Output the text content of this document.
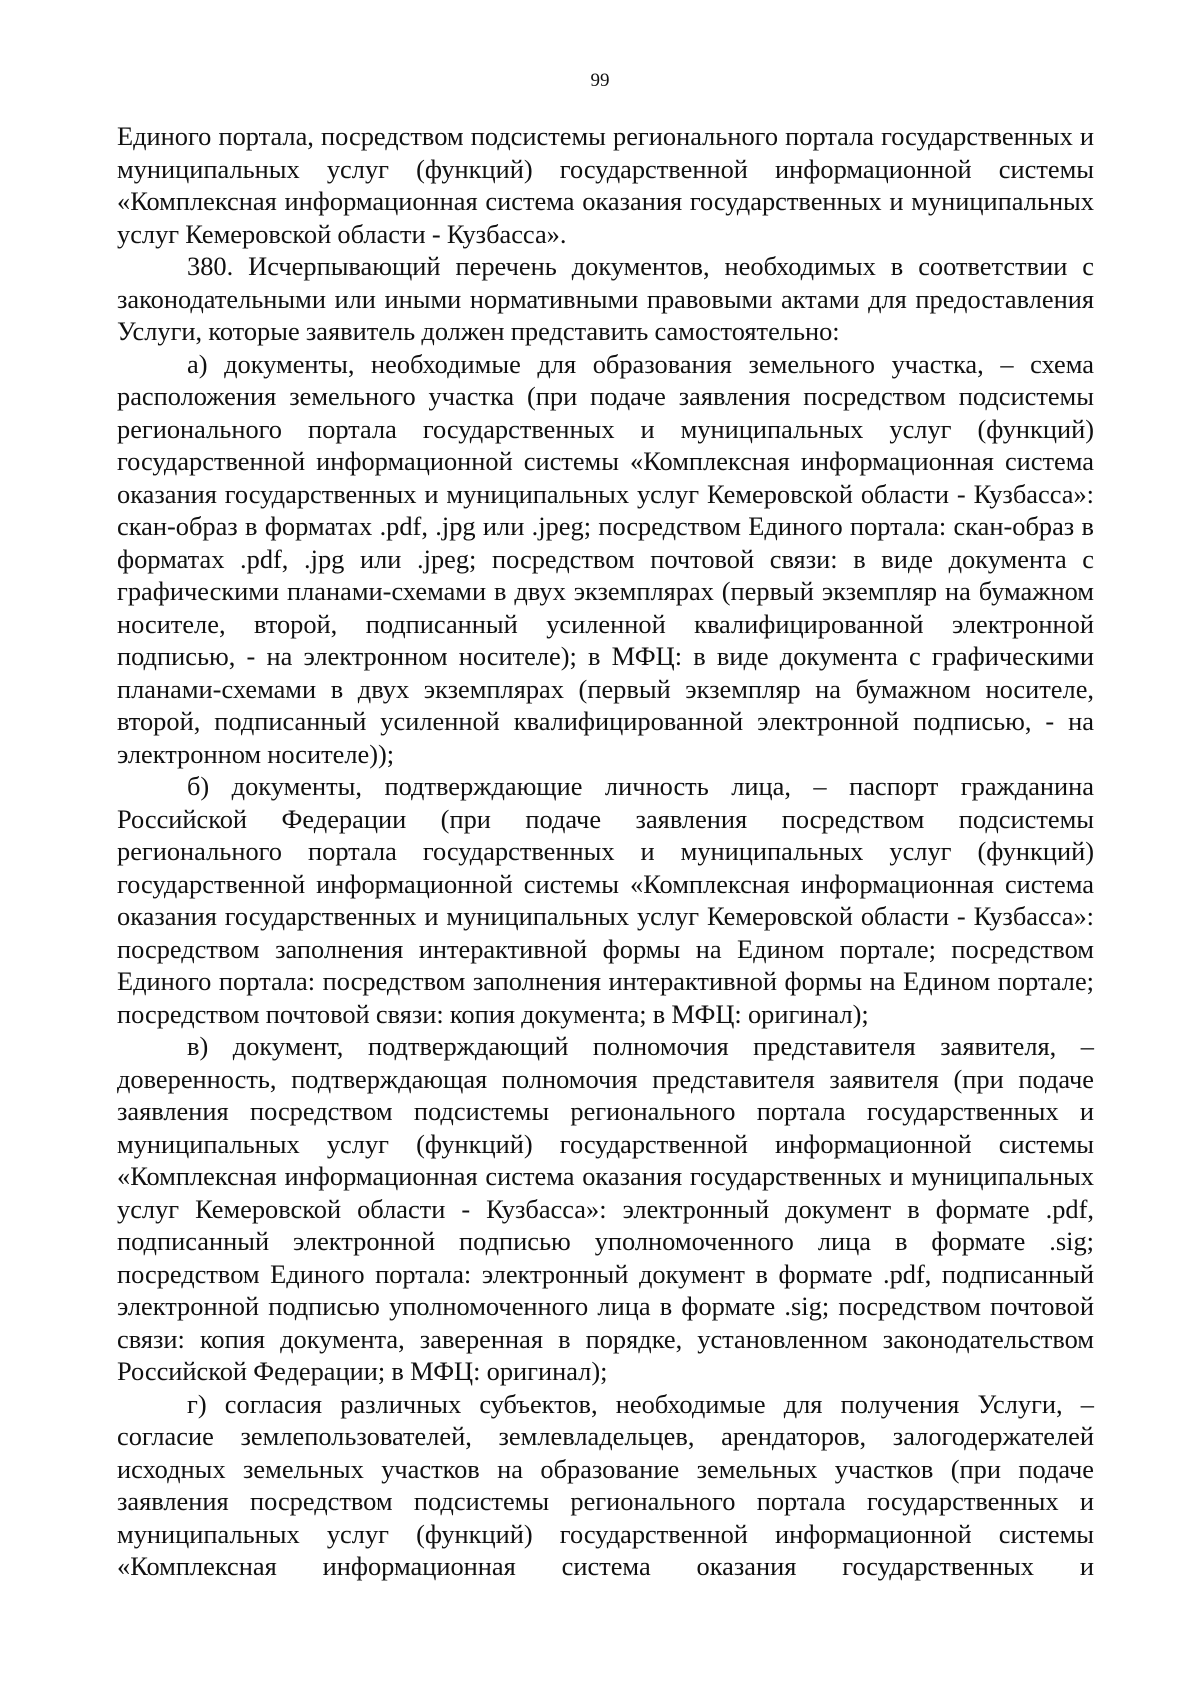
99

Единого портала, посредством подсистемы регионального портала государственных и муниципальных услуг (функций) государственной информационной системы «Комплексная информационная система оказания государственных и муниципальных услуг Кемеровской области - Кузбасса».

380. Исчерпывающий перечень документов, необходимых в соответствии с законодательными или иными нормативными правовыми актами для предоставления Услуги, которые заявитель должен представить самостоятельно:

а) документы, необходимые для образования земельного участка, – схема расположения земельного участка (при подаче заявления посредством подсистемы регионального портала государственных и муниципальных услуг (функций) государственной информационной системы «Комплексная информационная система оказания государственных и муниципальных услуг Кемеровской области - Кузбасса»: скан-образ в форматах .pdf, .jpg или .jpeg; посредством Единого портала: скан-образ в форматах .pdf, .jpg или .jpeg; посредством почтовой связи: в виде документа с графическими планами-схемами в двух экземплярах (первый экземпляр на бумажном носителе, второй, подписанный усиленной квалифицированной электронной подписью, - на электронном носителе); в МФЦ: в виде документа с графическими планами-схемами в двух экземплярах (первый экземпляр на бумажном носителе, второй, подписанный усиленной квалифицированной электронной подписью, - на электронном носителе));

б) документы, подтверждающие личность лица, – паспорт гражданина Российской Федерации (при подаче заявления посредством подсистемы регионального портала государственных и муниципальных услуг (функций) государственной информационной системы «Комплексная информационная система оказания государственных и муниципальных услуг Кемеровской области - Кузбасса»: посредством заполнения интерактивной формы на Едином портале; посредством Единого портала: посредством заполнения интерактивной формы на Едином портале; посредством почтовой связи: копия документа; в МФЦ: оригинал);

в) документ, подтверждающий полномочия представителя заявителя, – доверенность, подтверждающая полномочия представителя заявителя (при подаче заявления посредством подсистемы регионального портала государственных и муниципальных услуг (функций) государственной информационной системы «Комплексная информационная система оказания государственных и муниципальных услуг Кемеровской области - Кузбасса»: электронный документ в формате .pdf, подписанный электронной подписью уполномоченного лица в формате .sig; посредством Единого портала: электронный документ в формате .pdf, подписанный электронной подписью уполномоченного лица в формате .sig; посредством почтовой связи: копия документа, заверенная в порядке, установленном законодательством Российской Федерации; в МФЦ: оригинал);

г) согласия различных субъектов, необходимые для получения Услуги, – согласие землепользователей, землевладельцев, арендаторов, залогодержателей исходных земельных участков на образование земельных участков (при подаче заявления посредством подсистемы регионального портала государственных и муниципальных услуг (функций) государственной информационной системы «Комплексная информационная система оказания государственных и
